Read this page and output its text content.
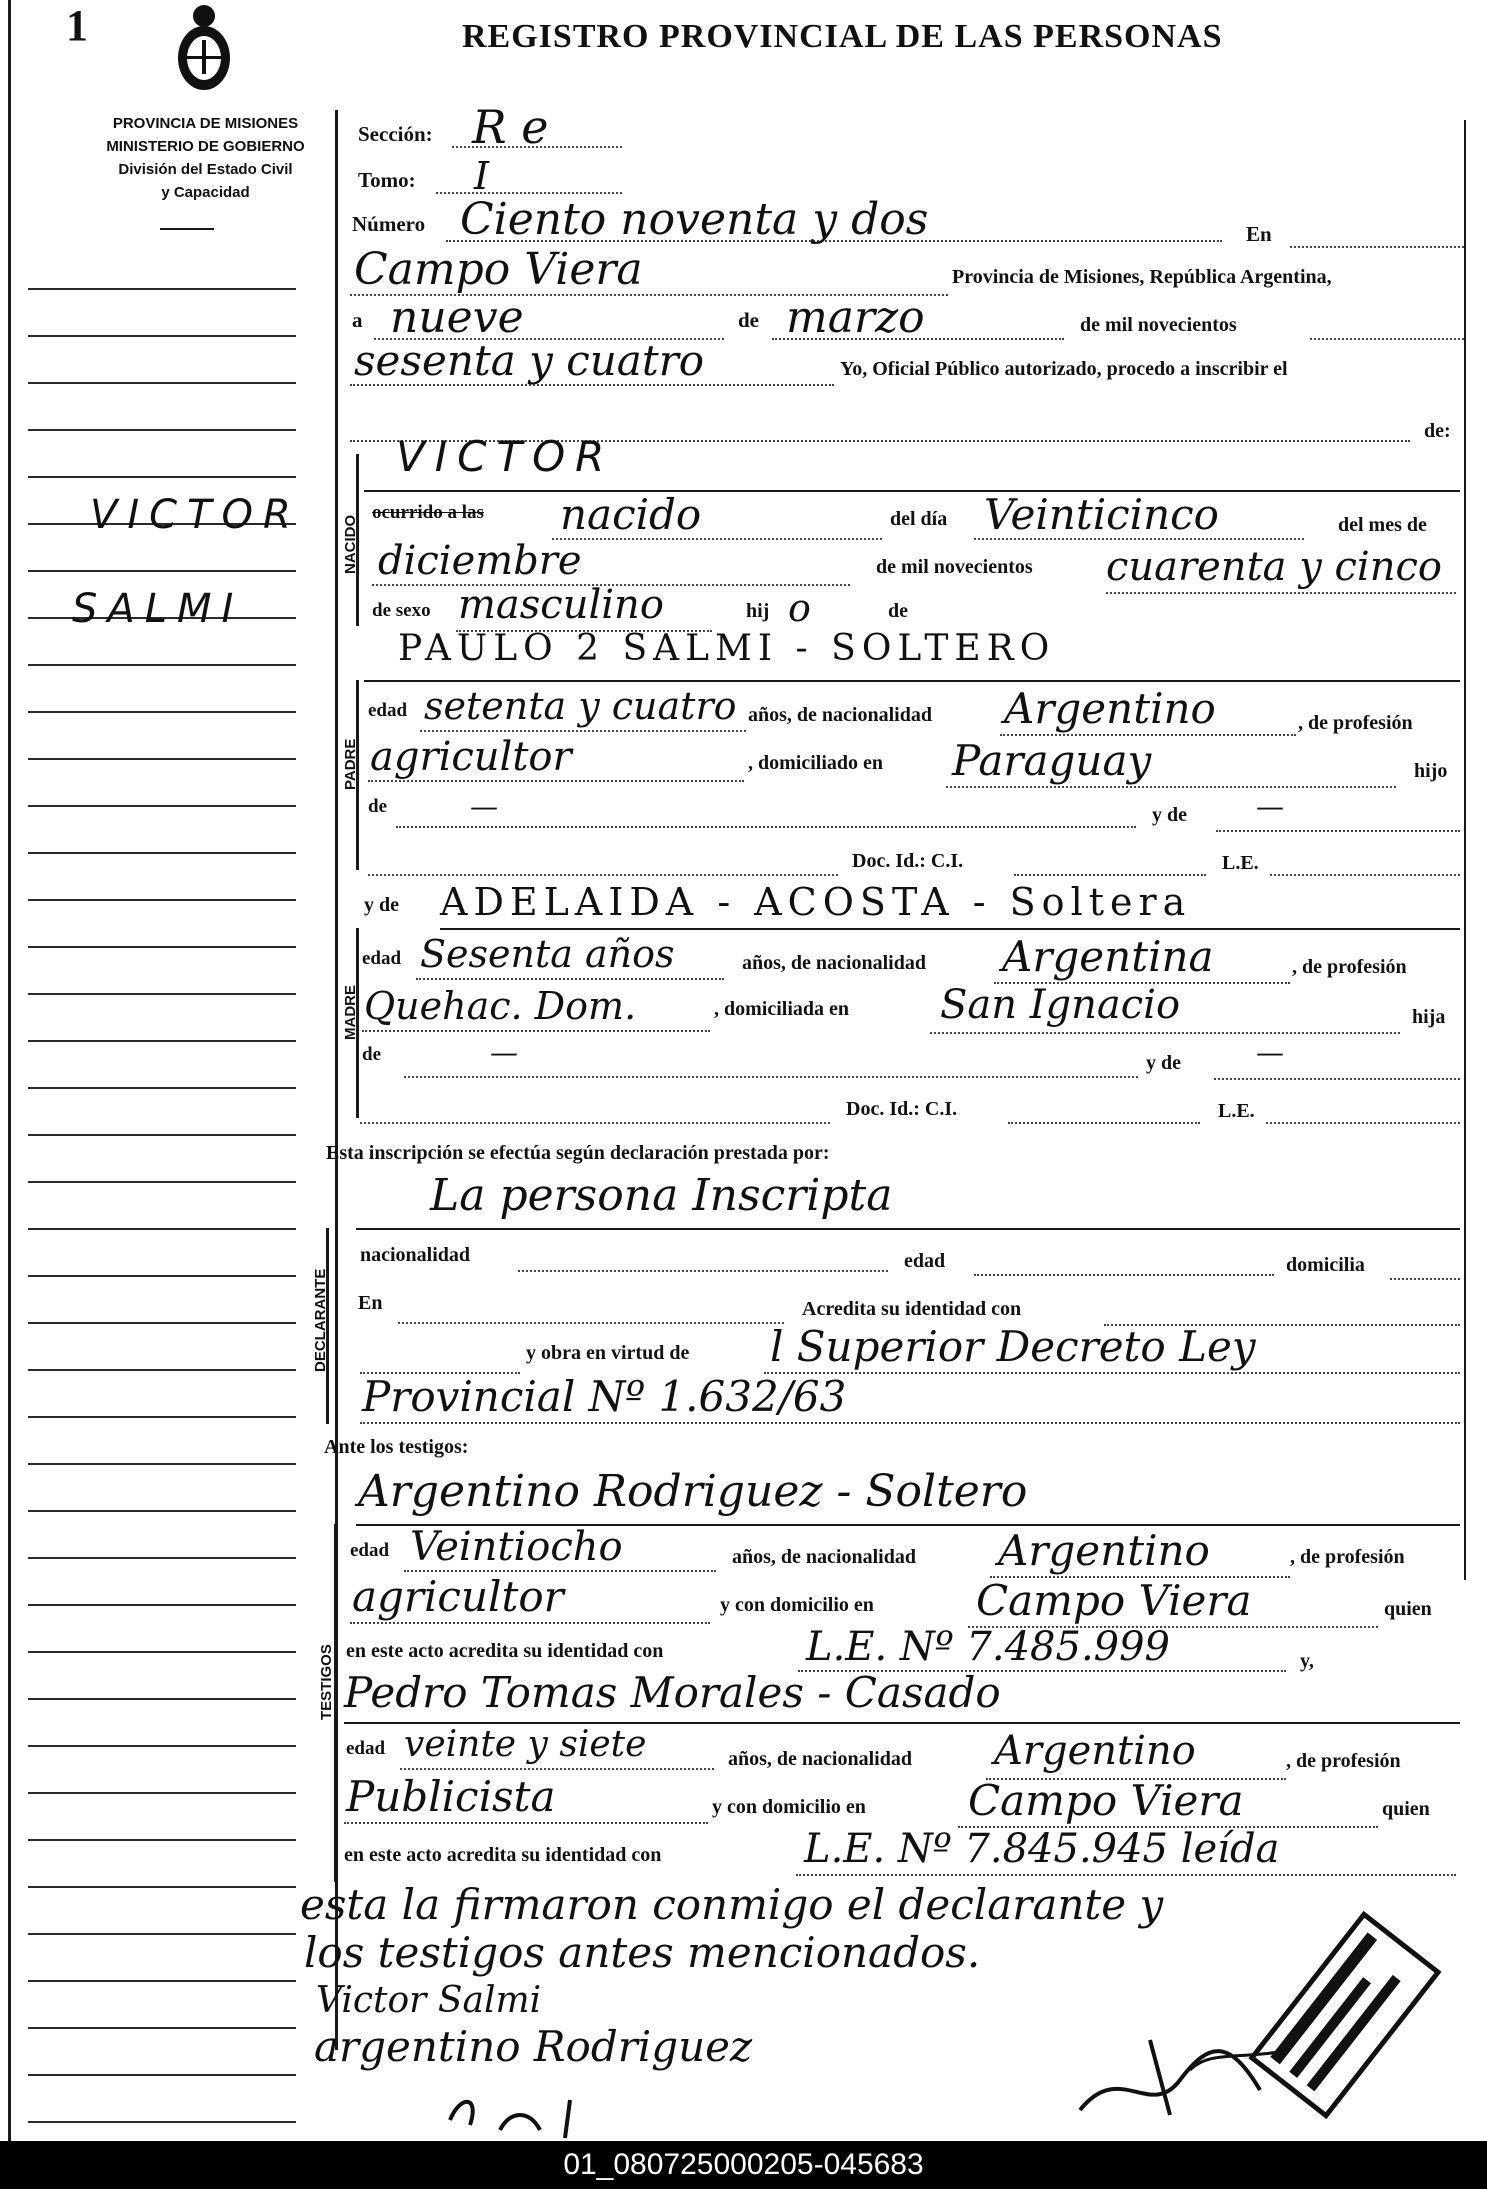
1	REGISTRO PROVINCIAL DE LAS PERSONAS
PROVINCIA DE MISIONES
MINISTERIO DE GOBIERNO
División del Estado Civil
y Capacidad
VICTOR
SALMI
Sección: R e
Tomo: I
Número Ciento noventa y dos	En
Campo Viera	Provincia de Misiones, República Argentina,
a nueve	de marzo	de mil novecientos
sesenta y cuatro	Yo, Oficial Público autorizado, procedo a inscribir el
de:
NACIDO
VICTOR
ocurrido a las nacido	del día Veinticinco	del mes de
diciembre	de mil novecientos cuarenta y cinco
de sexo masculino	hij o	de
PAULO 2 SALMI - SOLTERO
PADRE
edad setenta y cuatro años, de nacionalidad Argentino	, de profesión
agricultor	, domiciliado en Paraguay	hijo
de	—	y de —
Doc. Id.: C.I.	L.E.
y de ADELAIDA - ACOSTA - Soltera
MADRE
edad Sesenta años	años, de nacionalidad Argentina	, de profesión
Quehac. Dom.	, domiciliada en San Ignacio	hija
de	—	y de	—
Doc. Id.: C.I.	L.E.
Esta inscripción se efectúa según declaración prestada por:
La persona Inscripta
DECLARANTE
nacionalidad	edad	domicilia
En	Acredita su identidad con
y obra en virtud de l Superior Decreto Ley
Provincial Nº 1.632/63
Ante los testigos:
Argentino Rodriguez - Soltero
TESTIGOS
edad Veintiocho	años, de nacionalidad Argentino	, de profesión
agricultor	y con domicilio en Campo Viera	quien
en este acto acredita su identidad con	L.E. Nº 7.485.999	y,
Pedro Tomas Morales - Casado
edad veinte y siete	años, de nacionalidad Argentino	, de profesión
Publicista	y con domicilio en Campo Viera	quien
en este acto acredita su identidad con	L.E. Nº 7.845.945 leída
esta la firmaron conmigo el declarante y
los testigos antes mencionados.
Victor Salmi
argentino Rodriguez
01_080725000205-045683
